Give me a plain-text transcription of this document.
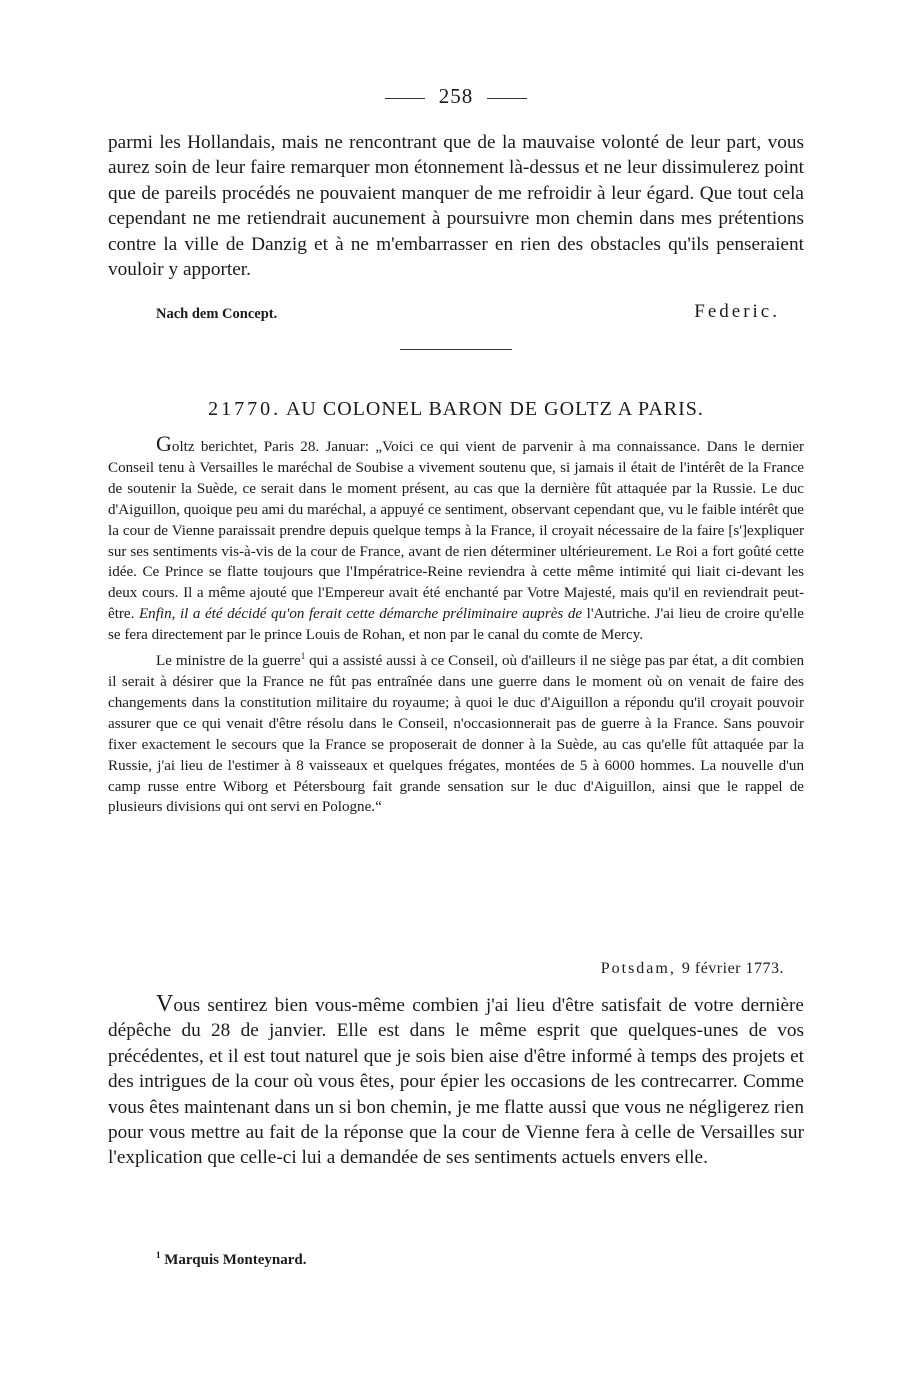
258

parmi les Hollandais, mais ne rencontrant que de la mauvaise volonté de leur part, vous aurez soin de leur faire remarquer mon étonnement là-dessus et ne leur dissimulerez point que de pareils procédés ne pouvaient manquer de me refroidir à leur égard. Que tout cela cependant ne me retiendrait aucunement à poursuivre mon chemin dans mes prétentions contre la ville de Danzig et à ne m'embarrasser en rien des obstacles qu'ils penseraient vouloir y apporter.

Nach dem Concept.	Federic.
21770. AU COLONEL BARON DE GOLTZ A PARIS.

Goltz berichtet, Paris 28. Januar: „Voici ce qui vient de parvenir à ma connaissance. Dans le dernier Conseil tenu à Versailles le maréchal de Soubise a vivement soutenu que, si jamais il était de l'intérêt de la France de soutenir la Suède, ce serait dans le moment présent, au cas que la dernière fût attaquée par la Russie. Le duc d'Aiguillon, quoique peu ami du maréchal, a appuyé ce sentiment, observant cependant que, vu le faible intérêt que la cour de Vienne paraissait prendre depuis quelque temps à la France, il croyait nécessaire de la faire [s']expliquer sur ses sentiments vis-à-vis de la cour de France, avant de rien déterminer ultérieurement. Le Roi a fort goûté cette idée. Ce Prince se flatte toujours que l'Impératrice-Reine reviendra à cette même intimité qui liait ci-devant les deux cours. Il a même ajouté que l'Empereur avait été enchanté par Votre Majesté, mais qu'il en reviendrait peut-être. Enfin, il a été décidé qu'on ferait cette démarche préliminaire auprès de l'Autriche. J'ai lieu de croire qu'elle se fera directement par le prince Louis de Rohan, et non par le canal du comte de Mercy.

Le ministre de la guerre$^1$ qui a assisté aussi à ce Conseil, où d'ailleurs il ne siège pas par état, a dit combien il serait à désirer que la France ne fût pas entraînée dans une guerre dans le moment où on venait de faire des changements dans la constitution militaire du royaume; à quoi le duc d'Aiguillon a répondu qu'il croyait pouvoir assurer que ce qui venait d'être résolu dans le Conseil, n'occasionnerait pas de guerre à la France. Sans pouvoir fixer exactement le secours que la France se proposerait de donner à la Suède, au cas qu'elle fût attaquée par la Russie, j'ai lieu de l'estimer à 8 vaisseaux et quelques frégates, montées de 5 à 6000 hommes. La nouvelle d'un camp russe entre Wiborg et Pétersbourg fait grande sensation sur le duc d'Aiguillon, ainsi que le rappel de plusieurs divisions qui ont servi en Pologne.“

Potsdam, 9 février 1773.

Vous sentirez bien vous-même combien j'ai lieu d'être satisfait de votre dernière dépêche du 28 de janvier. Elle est dans le même esprit que quelques-unes de vos précédentes, et il est tout naturel que je sois bien aise d'être informé à temps des projets et des intrigues de la cour où vous êtes, pour épier les occasions de les contrecarrer. Comme vous êtes maintenant dans un si bon chemin, je me flatte aussi que vous ne négligerez rien pour vous mettre au fait de la réponse que la cour de Vienne fera à celle de Versailles sur l'explication que celle-ci lui a demandée de ses sentiments actuels envers elle.

$^1$ Marquis Monteynard.
